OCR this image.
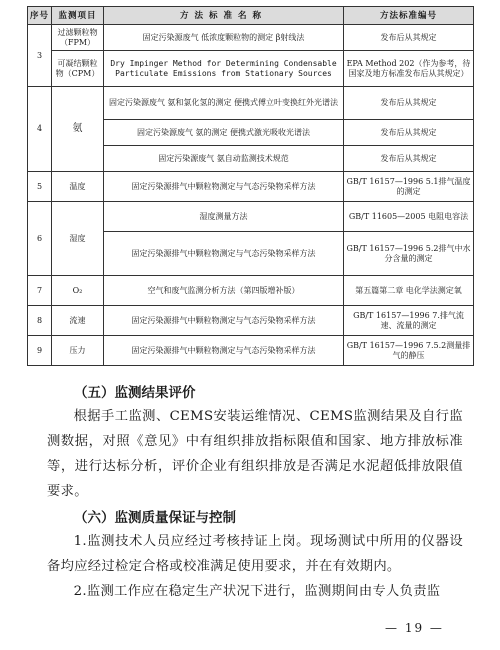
序号	监测项目	方法标准名称	方法标准编号
3	过滤颗粒物（FPM）	固定污染源废气 低浓度颗粒物的测定 β射线法	发布后从其规定
	可凝结颗粒物（CPM）	Dry Impinger Method for Determining Condensable Particulate Emissions from Stationary Sources	EPA Method 202（作为参考，待国家及地方标准发布后从其规定）
4	氨	固定污染源废气 氨和氯化氢的测定 便携式傅立叶变换红外光谱法	发布后从其规定
		固定污染源废气 氨的测定 便携式激光吸收光谱法	发布后从其规定
		固定污染源废气 氨自动监测技术规范	发布后从其规定
5	温度	固定污染源排气中颗粒物测定与气态污染物采样方法	GB/T 16157—1996 5.1排气温度的测定
6	湿度	湿度测量方法	GB/T 11605—2005 电阻电容法
		固定污染源排气中颗粒物测定与气态污染物采样方法	GB/T 16157—1996 5.2排气中水分含量的测定
7	O₂	空气和废气监测分析方法（第四版增补版）	第五篇第二章 电化学法测定氧
8	流速	固定污染源排气中颗粒物测定与气态污染物采样方法	GB/T 16157—1996 7.排气流速、流量的测定
9	压力	固定污染源排气中颗粒物测定与气态污染物采样方法	GB/T 16157—1996 7.5.2测量排气的静压

（五）监测结果评价

根据手工监测、CEMS安装运维情况、CEMS监测结果及自行监测数据，对照《意见》中有组织排放指标限值和国家、地方排放标准等，进行达标分析，评价企业有组织排放是否满足水泥超低排放限值要求。

（六）监测质量保证与控制

1.监测技术人员应经过考核持证上岗。现场测试中所用的仪器设备均应经过检定合格或校准满足使用要求，并在有效期内。

2.监测工作应在稳定生产状况下进行，监测期间由专人负责监

— 19 —
